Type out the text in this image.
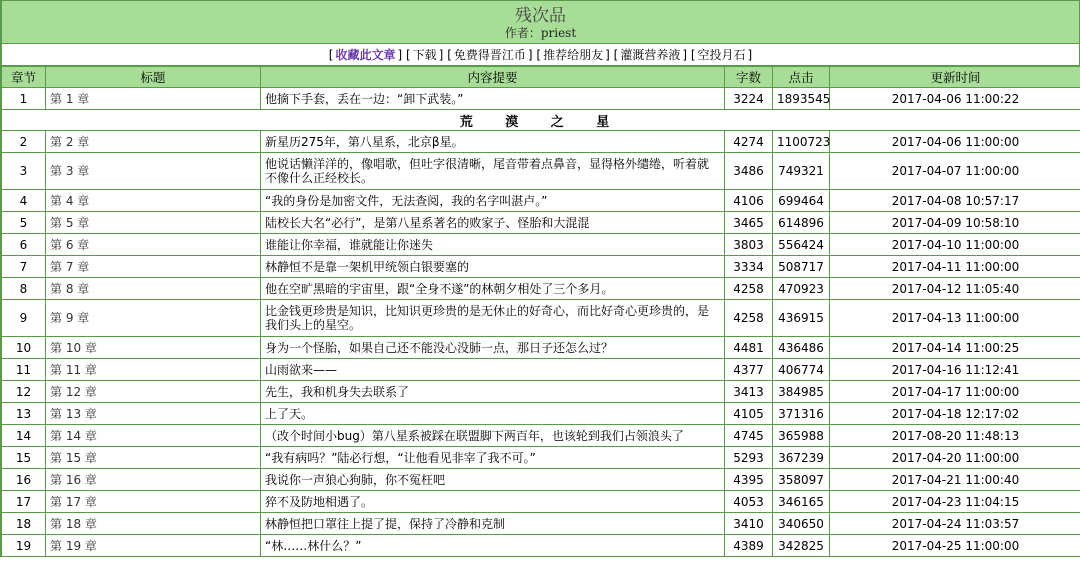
残次品
作者：priest
[ 收藏此文章 ] [ 下载 ] [ 免费得晋江币 ] [ 推荐给朋友 ] [ 灌溉营养液 ] [ 空投月石 ]
章节	标题	内容提要	字数	点击	更新时间
1	第 1 章	他摘下手套，丢在一边：“卸下武装。”	3224	1893545	2017-04-06 11:00:22
荒 漠 之 星					
2	第 2 章	新星历275年，第八星系，北京β星。	4274	1100723	2017-04-06 11:00:00
3	第 3 章	他说话懒洋洋的，像唱歌，但吐字很清晰，尾音带着点鼻音，显得格外缱绻，听着就不像什么正经校长。	3486	749321	2017-04-07 11:00:00
4	第 4 章	“我的身份是加密文件，无法查阅，我的名字叫湛卢。”	4106	699464	2017-04-08 10:57:17
5	第 5 章	陆校长大名“必行”，是第八星系著名的败家子、怪胎和大混混	3465	614896	2017-04-09 10:58:10
6	第 6 章	谁能让你幸福，谁就能让你迷失	3803	556424	2017-04-10 11:00:00
7	第 7 章	林静恒不是靠一架机甲统领白银要塞的	3334	508717	2017-04-11 11:00:00
8	第 8 章	他在空旷黑暗的宇宙里，跟“全身不遂”的林朝夕相处了三个多月。	4258	470923	2017-04-12 11:05:40
9	第 9 章	比金钱更珍贵是知识，比知识更珍贵的是无休止的好奇心，而比好奇心更珍贵的，是我们头上的星空。	4258	436915	2017-04-13 11:00:00
10	第 10 章	身为一个怪胎，如果自己还不能没心没肺一点，那日子还怎么过？	4481	436486	2017-04-14 11:00:25
11	第 11 章	山雨欲来——	4377	406774	2017-04-16 11:12:41
12	第 12 章	先生，我和机身失去联系了	3413	384985	2017-04-17 11:00:00
13	第 13 章	上了天。	4105	371316	2017-04-18 12:17:02
14	第 14 章	（改个时间小bug）第八星系被踩在联盟脚下两百年，也该轮到我们占领浪头了	4745	365988	2017-08-20 11:48:13
15	第 15 章	“我有病吗？”陆必行想，“让他看见非宰了我不可。”	5293	367239	2017-04-20 11:00:00
16	第 16 章	我说你一声狼心狗肺，你不冤枉吧	4395	358097	2017-04-21 11:00:40
17	第 17 章	猝不及防地相遇了。	4053	346165	2017-04-23 11:04:15
18	第 18 章	林静恒把口罩往上提了提，保持了冷静和克制	3410	340650	2017-04-24 11:03:57
19	第 19 章	“林……林什么？”	4389	342825	2017-04-25 11:00:00
